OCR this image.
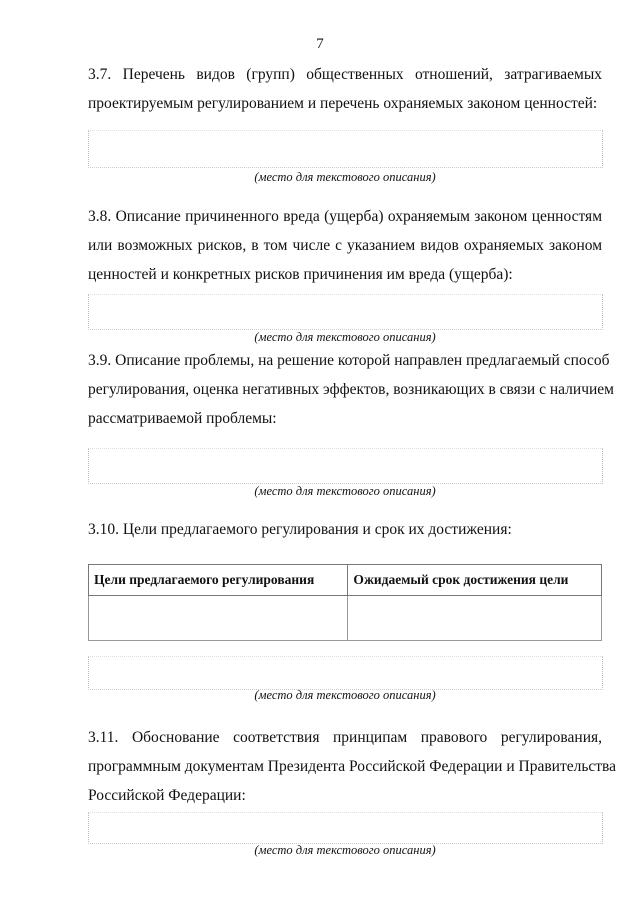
7
3.7. Перечень видов (групп) общественных отношений, затрагиваемых
проектируемым регулированием и перечень охраняемых законом ценностей:
(место для текстового описания)
3.8. Описание причиненного вреда (ущерба) охраняемым законом ценностям
или возможных рисков, в том числе с указанием видов охраняемых законом
ценностей и конкретных рисков причинения им вреда (ущерба):
(место для текстового описания)
3.9. Описание проблемы, на решение которой направлен предлагаемый способ
регулирования, оценка негативных эффектов, возникающих в связи с наличием
рассматриваемой проблемы:
(место для текстового описания)
3.10. Цели предлагаемого регулирования и срок их достижения:
Цели предлагаемого регулирования	Ожидаемый срок достижения цели

(место для текстового описания)
3.11. Обоснование соответствия принципам правового регулирования,
программным документам Президента Российской Федерации и Правительства
Российской Федерации:
(место для текстового описания)
